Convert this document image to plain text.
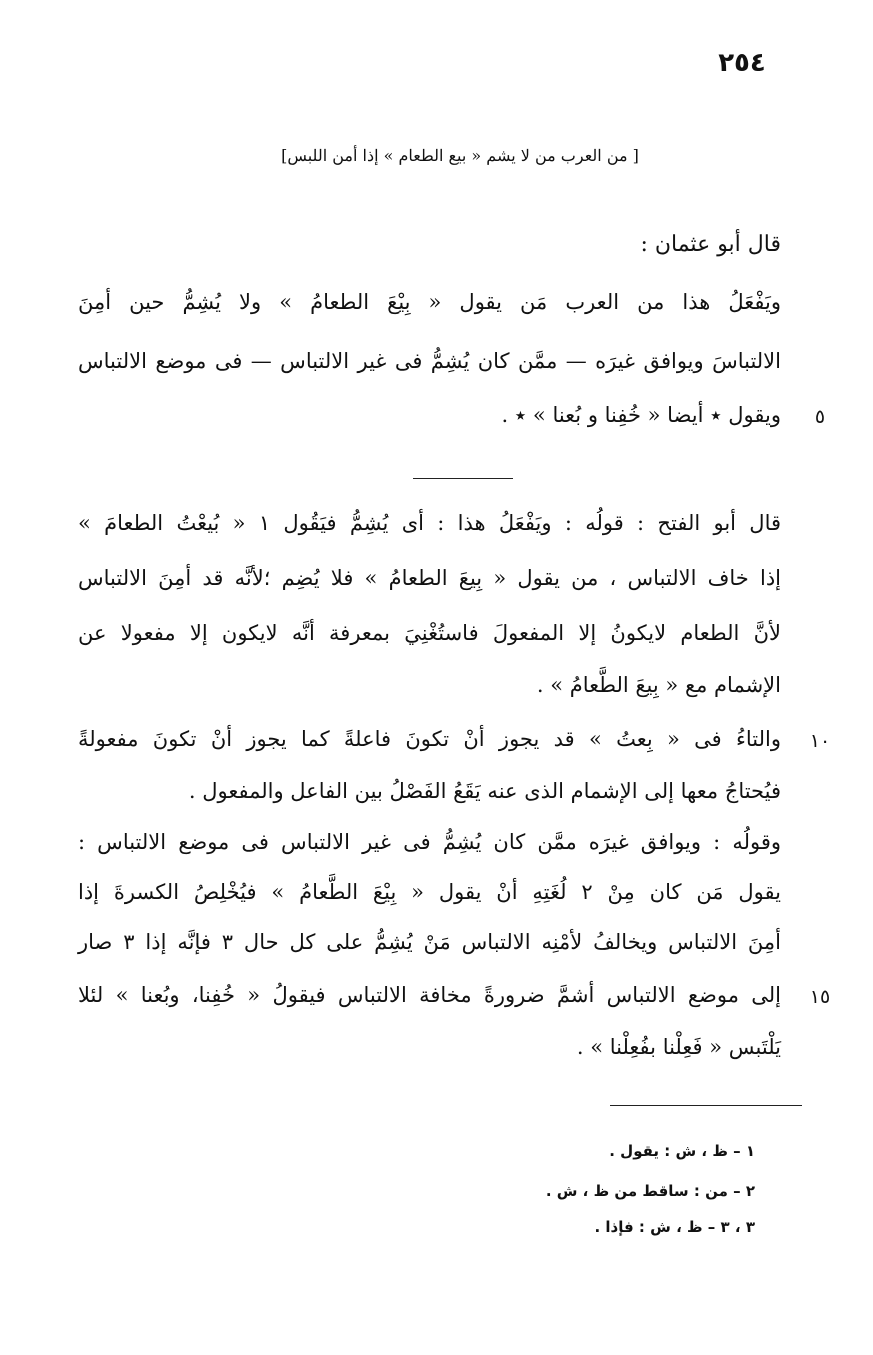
٢٥٤
[ من العرب من لا يشم « بيع الطعام » إذا أمن اللبس]
قال أبو عثمان :
ويَفْعَلُ هذا من العرب مَن يقول « بِيْعَ الطعامُ » ولا يُشِمُّ حين أمِنَ
الالتباسَ ويوافق غيرَه — ممَّن كان يُشِمُّ فى غير الالتباس — فى موضع الالتباس
ويقول ٭ أيضا « خُفِنا و بُعنا » ٭ .	٥
قال أبو الفتح : قولُه : ويَفْعَلُ هذا : أى يُشِمُّ فيَقُول ١ « بُيعْتُ الطعامَ »
إذا خاف الالتباس ، من يقول « بِيعَ الطعامُ » فلا يُضِم ؛لأنَّه قد أمِنَ الالتباس
لأنَّ الطعام لايكونُ إلا المفعولَ فاستُغْنِيَ بمعرفة أنَّه لايكون إلا مفعولا عن
الإشمام مع « بِيعَ الطَّعامُ » .
والتاءُ فى « بِعتُ » قد يجوز أنْ تكونَ فاعلةً كما يجوز أنْ تكونَ مفعولةً	١٠
فيُحتاجُ معها إلى الإشمام الذى عنه يَقَعُ الفَصْلُ بين الفاعل والمفعول .
وقولُه : ويوافق غيرَه ممَّن كان يُشِمُّ فى غير الالتباس فى موضع الالتباس :
يقول مَن كان مِنْ ٢ لُغَتِهِ أنْ يقول « بِيْعَ الطَّعامُ » فيُخْلِصُ الكسرةَ إذا
أمِنَ الالتباس ويخالفُ لأمْنِه الالتباس مَنْ يُشِمُّ على كل حال ٣ فإنَّه إذا ٣ صار
إلى موضع الالتباس أشمَّ ضرورةً مخافة الالتباس فيقولُ « خُفِنا، وبُعنا » لئلا	١٥
يَلْتَبس « فَعِلْنا بفُعِلْنا » .
١ – ظ ، ش : يقول .
٢ – من : ساقط من ظ ، ش .
٣ ، ٣ – ظ ، ش : فإذا .
